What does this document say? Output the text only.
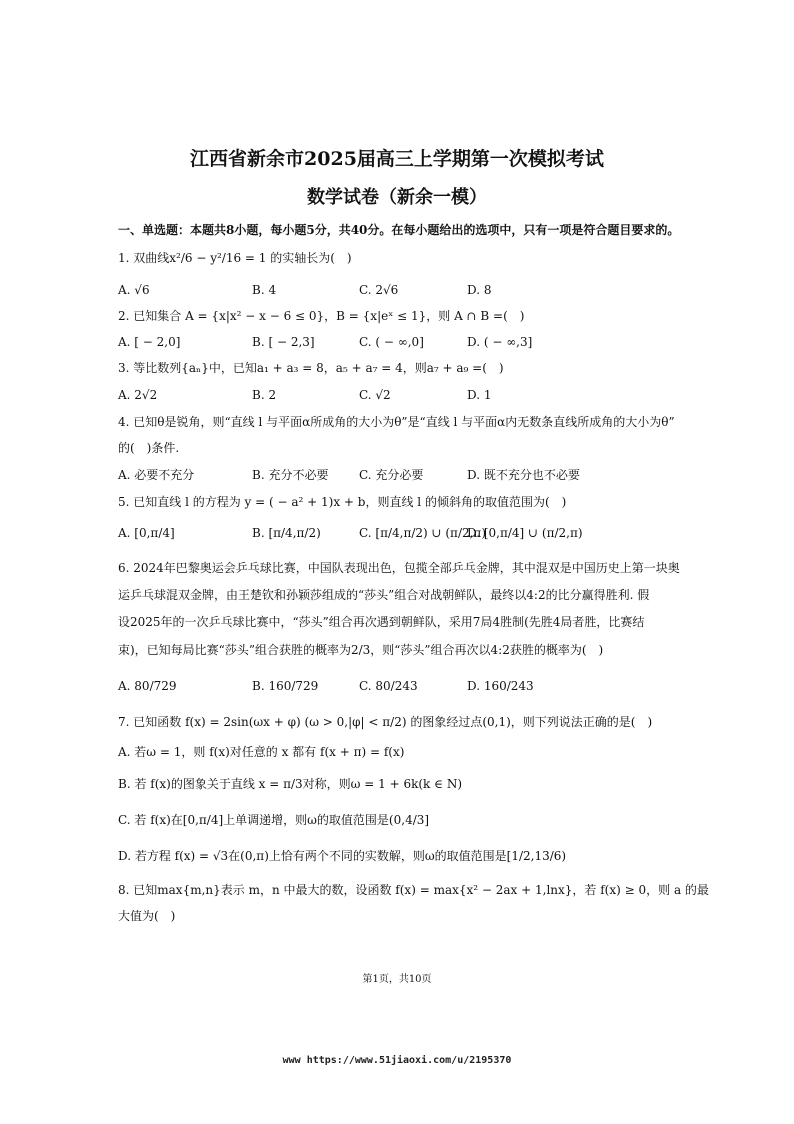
江西省新余市2025届高三上学期第一次模拟考试
数学试卷（新余一模）
一、单选题：本题共8小题，每小题5分，共40分。在每小题给出的选项中，只有一项是符合题目要求的。
1. 双曲线x²/6 − y²/16 = 1 的实轴长为(　)
A. √6	B. 4	C. 2√6	D. 8
2. 已知集合 A = {x|x² − x − 6 ≤ 0}，B = {x|eˣ ≤ 1}，则 A ∩ B =(　)
A. [ − 2,0]	B. [ − 2,3]	C. ( − ∞,0]	D. ( − ∞,3]
3. 等比数列{aₙ}中，已知a₁ + a₃ = 8，a₅ + a₇ = 4，则a₇ + a₉ =(　)
A. 2√2	B. 2	C. √2	D. 1
4. 已知θ是锐角，则“直线 l 与平面α所成角的大小为θ”是“直线 l 与平面α内无数条直线所成角的大小为θ”
的(　)条件.
A. 必要不充分	B. 充分不必要	C. 充分必要	D. 既不充分也不必要
5. 已知直线 l 的方程为 y = ( − a² + 1)x + b，则直线 l 的倾斜角的取值范围为(　)
A. [0,π/4]	B. [π/4,π/2)	C. [π/4,π/2) ∪ (π/2,π)
D. [0,π/4] ∪ (π/2,π)
6. 2024年巴黎奥运会乒乓球比赛，中国队表现出色，包揽全部乒乓金牌，其中混双是中国历史上第一块奥
运乒乓球混双金牌，由王楚钦和孙颖莎组成的“莎头”组合对战朝鲜队，最终以4:2的比分赢得胜利. 假
设2025年的一次乒乓球比赛中，“莎头”组合再次遇到朝鲜队，采用7局4胜制(先胜4局者胜，比赛结
束)，已知每局比赛“莎头”组合获胜的概率为2/3，则“莎头”组合再次以4:2获胜的概率为(　)
A. 80/729	B. 160/729	C. 80/243	D. 160/243
7. 已知函数 f(x) = 2sin(ωx + φ) (ω > 0,|φ| < π/2) 的图象经过点(0,1)，则下列说法正确的是(　)
A. 若ω = 1，则 f(x)对任意的 x 都有 f(x + π) = f(x)
B. 若 f(x)的图象关于直线 x = π/3对称，则ω = 1 + 6k(k ∈ N)
C. 若 f(x)在[0,π/4]上单调递增，则ω的取值范围是(0,4/3]
D. 若方程 f(x) = √3在(0,π)上恰有两个不同的实数解，则ω的取值范围是[1/2,13/6)
8. 已知max{m,n}表示 m，n 中最大的数，设函数 f(x) = max{x² − 2ax + 1,lnx}，若 f(x) ≥ 0，则 a 的最
大值为(　)
第1页，共10页
www https://www.51jiaoxi.com/u/2195370
